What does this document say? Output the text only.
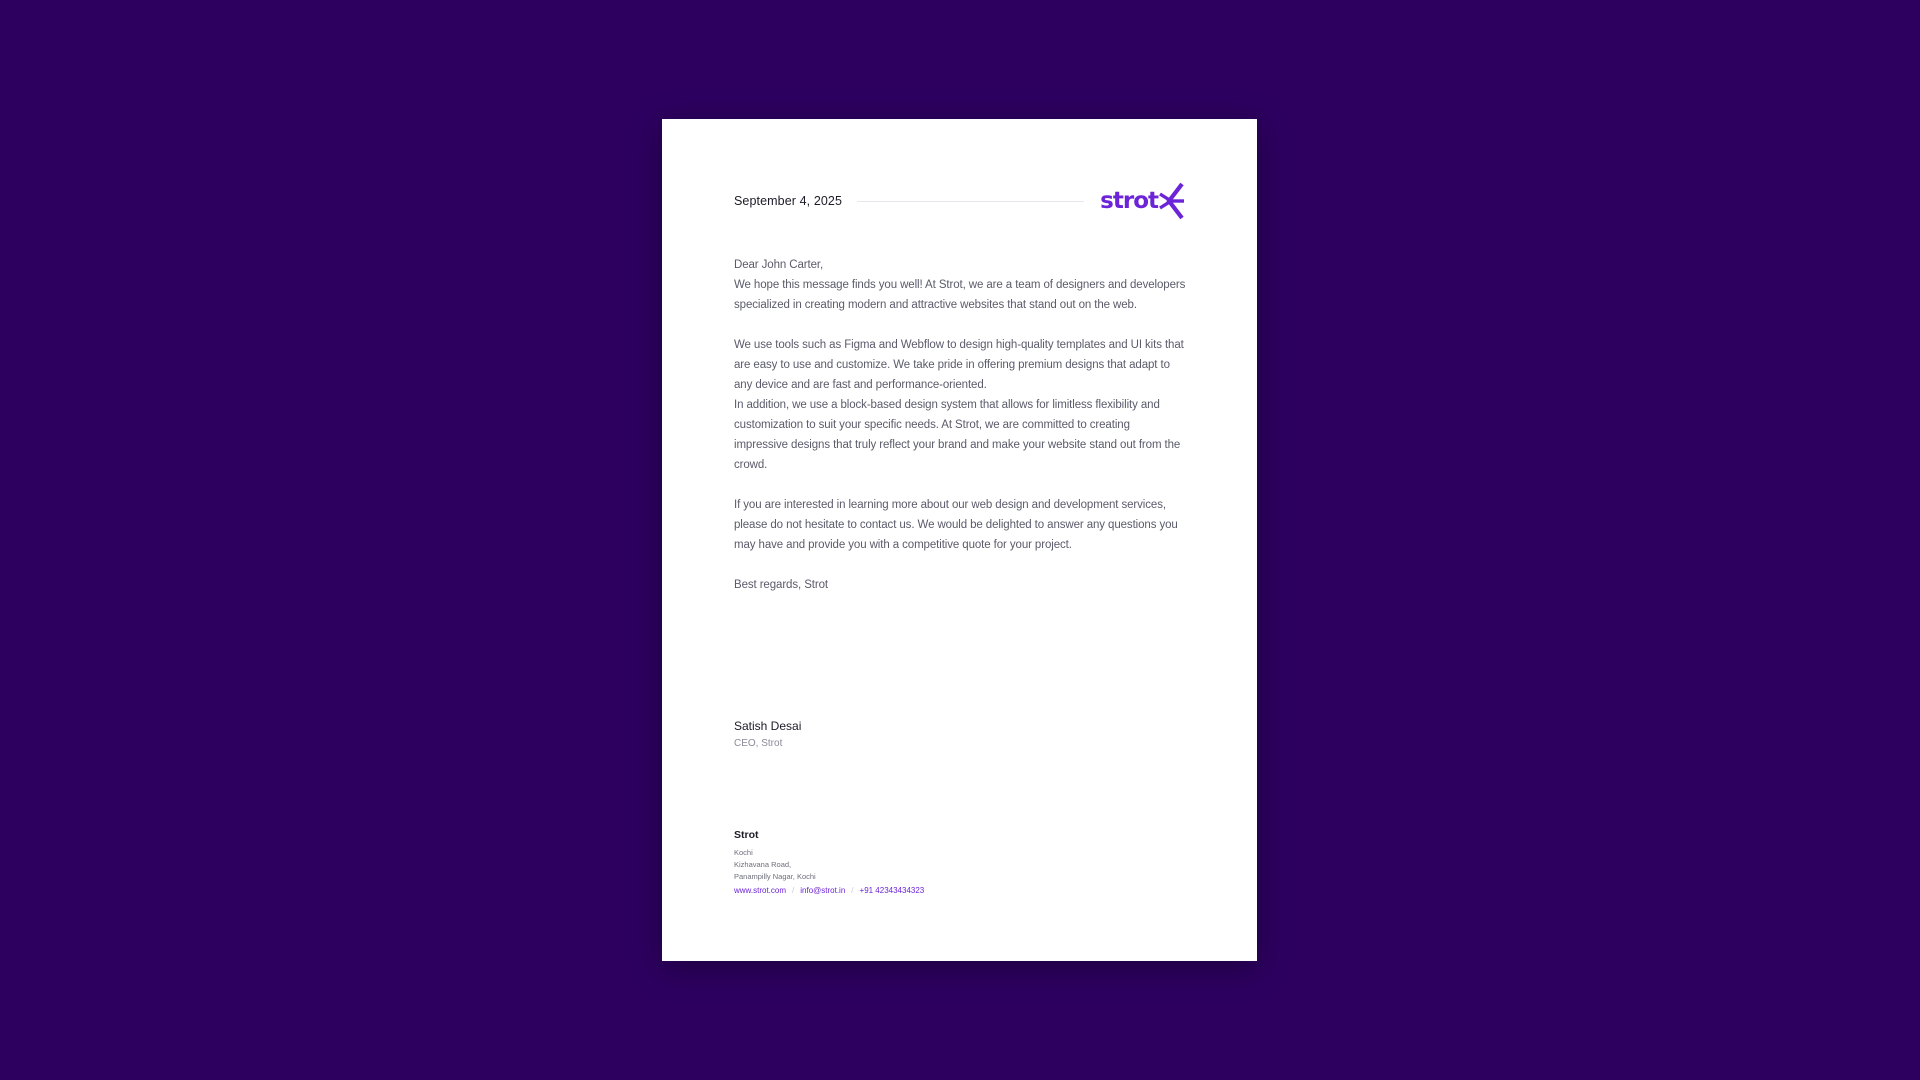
September 4, 2025	strot

Dear John Carter,

We hope this message finds you well! At Strot, we are a team of designers and developers specialized in creating modern and attractive websites that stand out on the web.

We use tools such as Figma and Webflow to design high-quality templates and UI kits that are easy to use and customize. We take pride in offering premium designs that adapt to any device and are fast and performance-oriented.

In addition, we use a block-based design system that allows for limitless flexibility and customization to suit your specific needs. At Strot, we are committed to creating impressive designs that truly reflect your brand and make your website stand out from the crowd.

If you are interested in learning more about our web design and development services, please do not hesitate to contact us. We would be delighted to answer any questions you may have and provide you with a competitive quote for your project.

Best regards, Strot

Satish Desai
CEO, Strot
Strot
Kochi
Kizhavana Road,
Panampilly Nagar, Kochi
www.strot.com / info@strot.in / +91 42343434323
